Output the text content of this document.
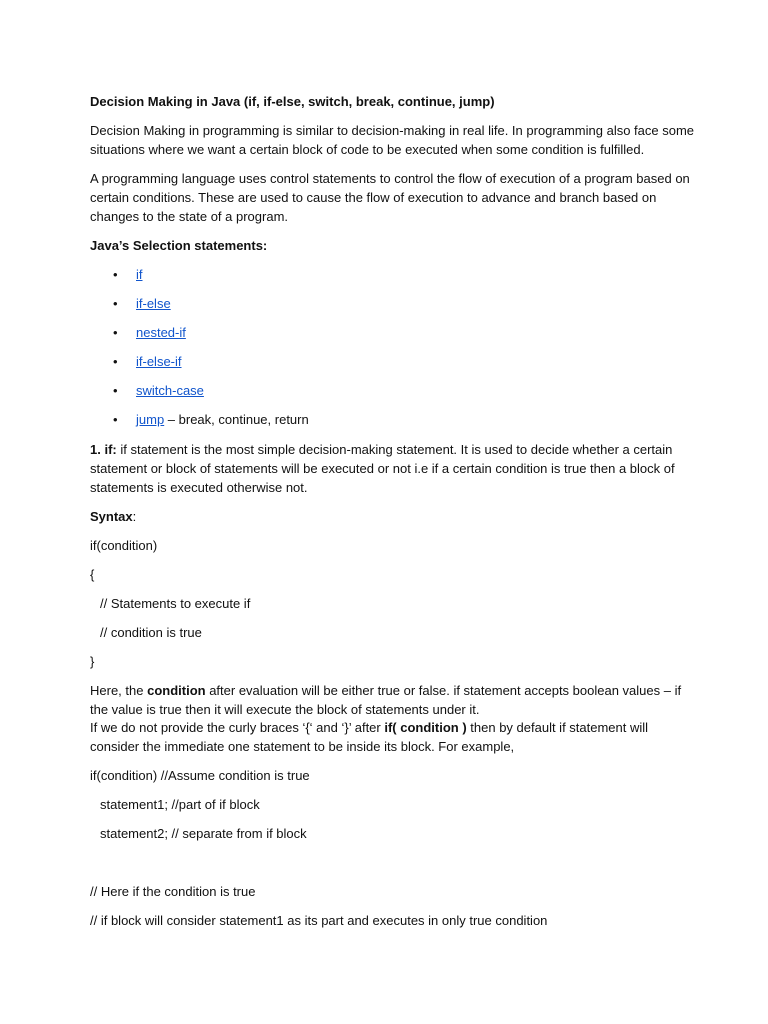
Decision Making in Java (if, if-else, switch, break, continue, jump)
Decision Making in programming is similar to decision-making in real life. In programming also face some
situations where we want a certain block of code to be executed when some condition is fulfilled.
A programming language uses control statements to control the flow of execution of a program based on
certain conditions. These are used to cause the flow of execution to advance and branch based on
changes to the state of a program.
Java’s Selection statements:
• if
• if-else
• nested-if
• if-else-if
• switch-case
• jump – break, continue, return
1. if: if statement is the most simple decision-making statement. It is used to decide whether a certain
statement or block of statements will be executed or not i.e if a certain condition is true then a block of
statements is executed otherwise not.
Syntax:
if(condition)
{
// Statements to execute if
// condition is true
}
Here, the condition after evaluation will be either true or false. if statement accepts boolean values – if
the value is true then it will execute the block of statements under it.
If we do not provide the curly braces ‘{‘ and ‘}’ after if( condition ) then by default if statement will
consider the immediate one statement to be inside its block. For example,
if(condition) //Assume condition is true
statement1; //part of if block
statement2; // separate from if block
// Here if the condition is true
// if block will consider statement1 as its part and executes in only true condition
